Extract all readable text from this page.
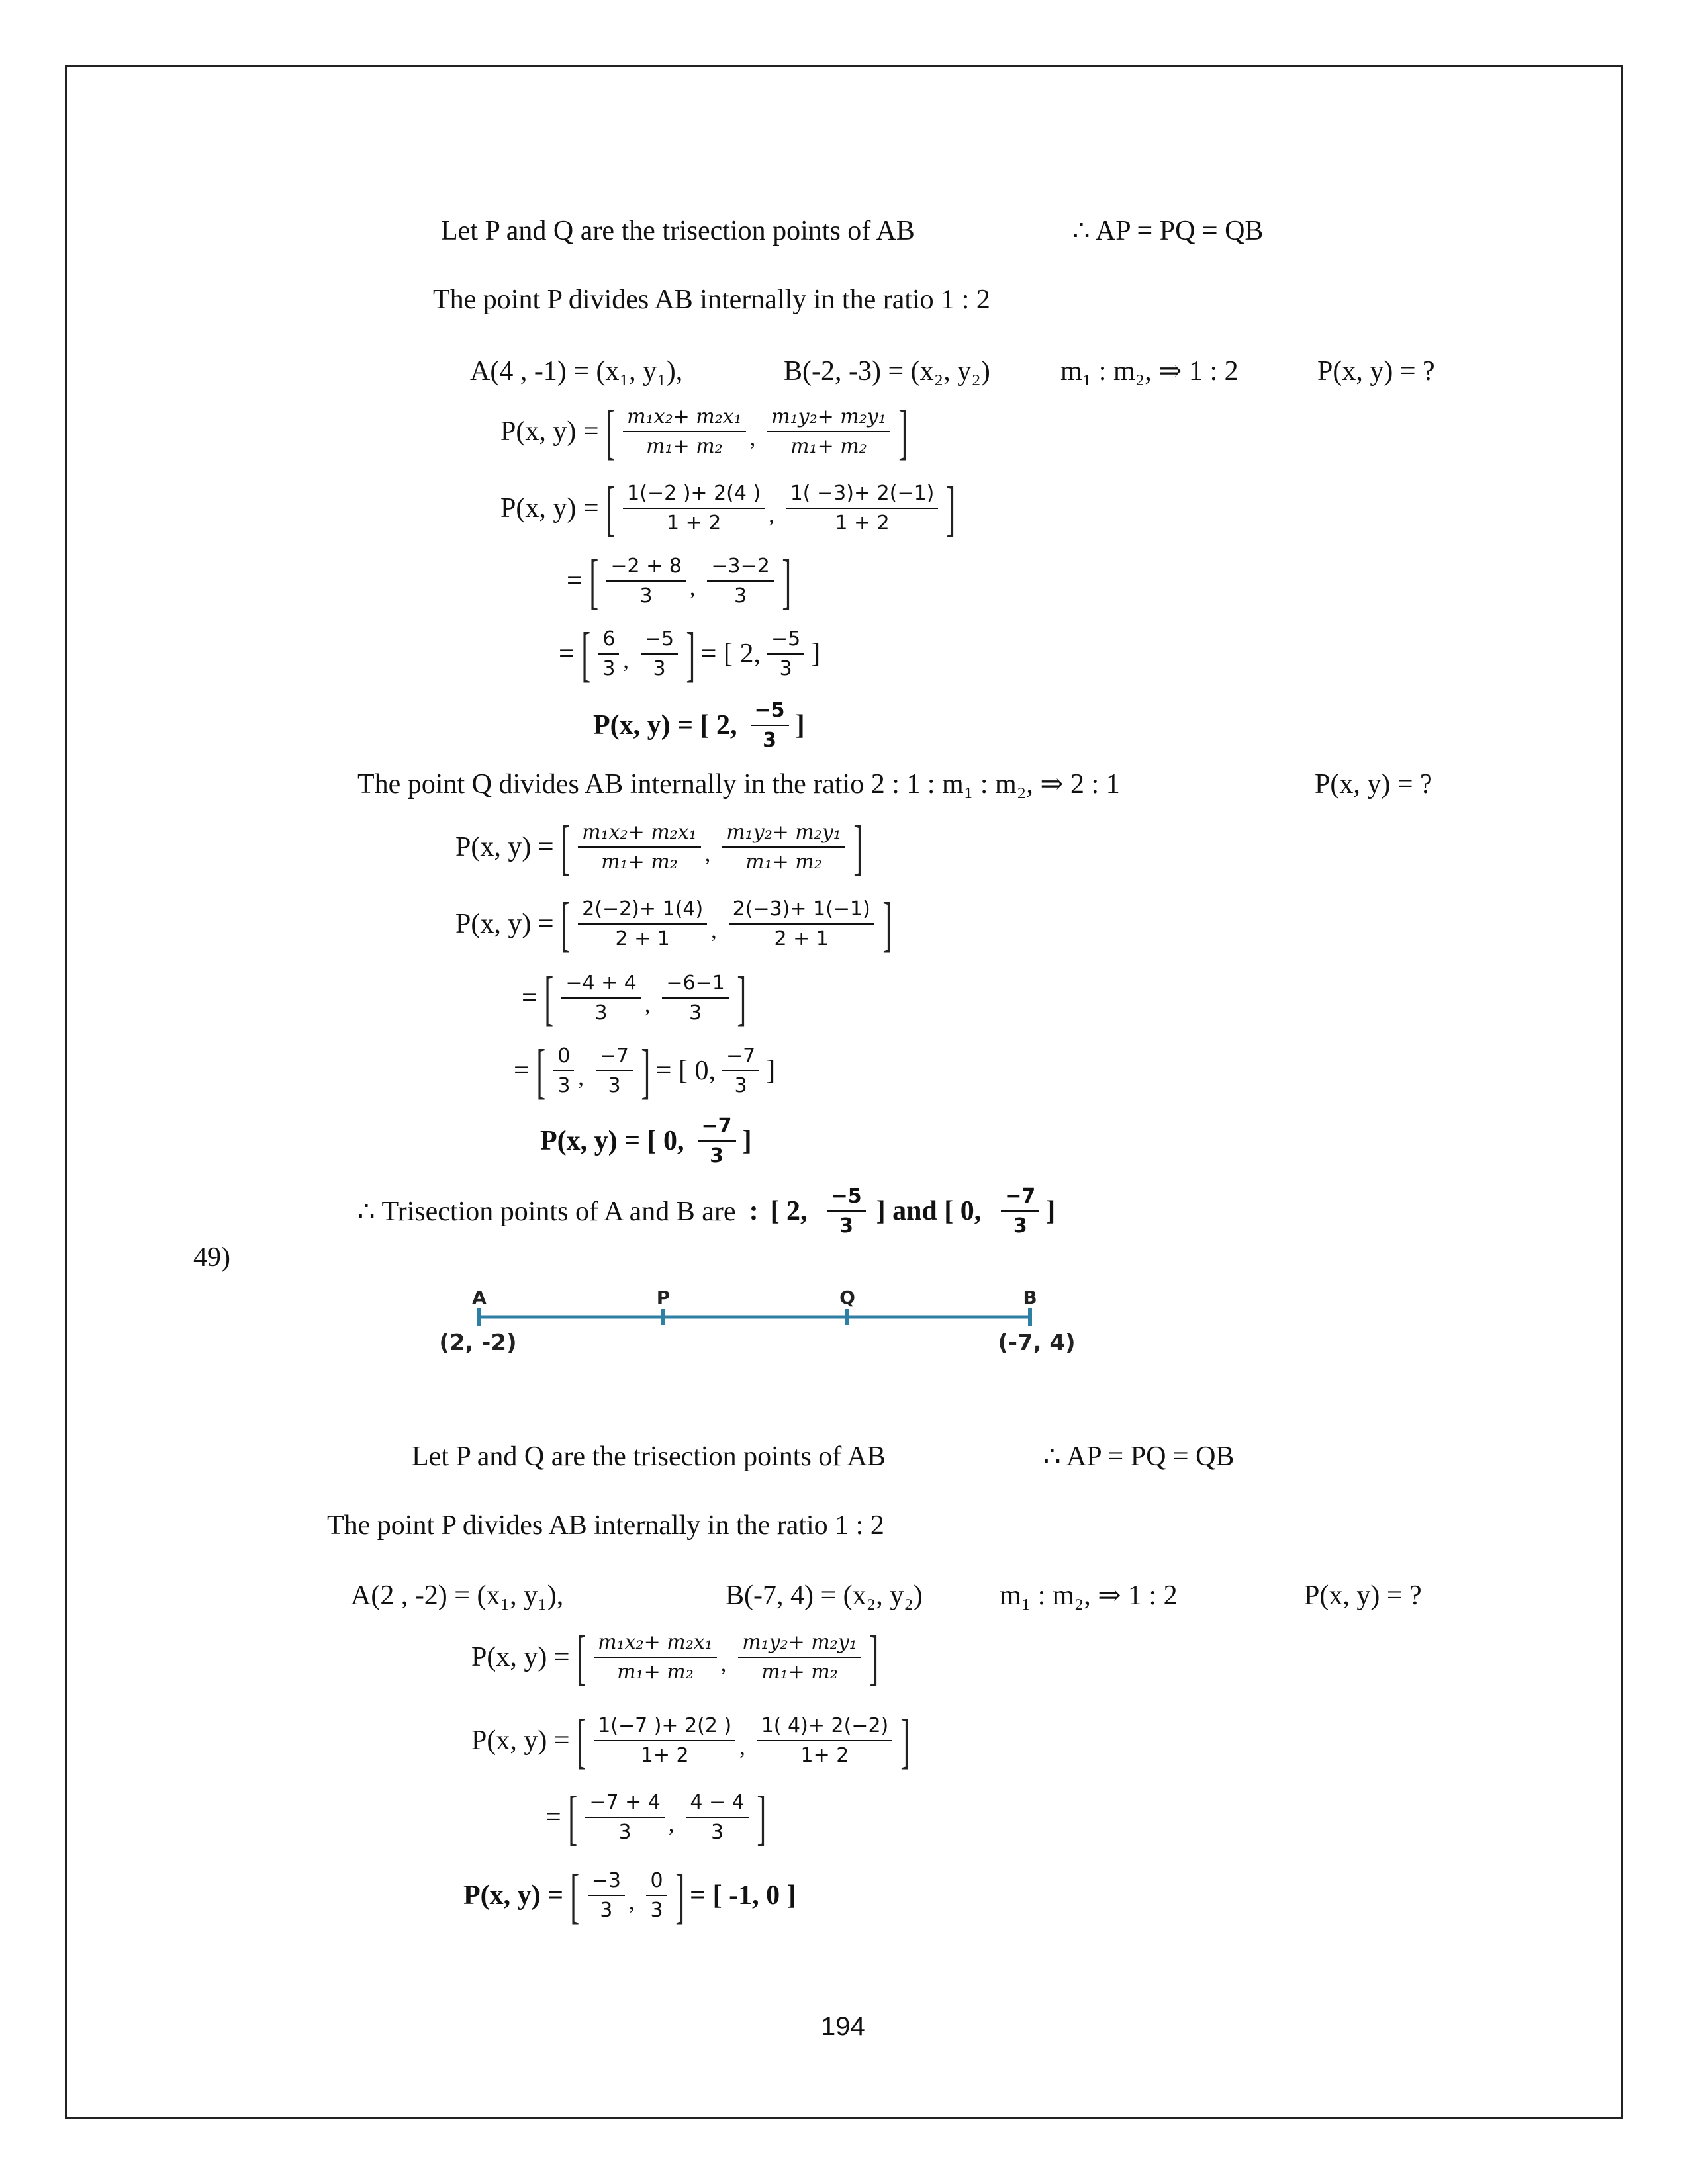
Let P and Q are the trisection points of AB	∴ AP = PQ = QB
The point P divides AB internally in the ratio 1 : 2
A(4 , -1) = (x₁, y₁),	B(-2, -3) = (x₂, y₂)	m₁ : m₂, ⇒ 1 : 2	P(x, y) = ?
P(x, y) = [ $\frac{\text{m₁x₂+ m₂x₁}}{\text{m₁+ m₂}}$ , $\frac{\text{m₁y₂+ m₂y₁}}{\text{m₁+ m₂}}$ ]
P(x, y) = [ $\frac{1(-2 )+ 2(4 )}{1 + 2}$ , $\frac{1( -3)+ 2(-1)}{1 + 2}$ ]
= [ $\frac{-2 + 8}{3}$ , $\frac{-3-2}{3}$ ]
= [ $\frac{6}{3}$ , $\frac{-5}{3}$ ] = [ 2, $\frac{-5}{3}$ ]
P(x, y) = [ 2, $\frac{-5}{3}$ ]
The point Q divides AB internally in the ratio 2 : 1 : m₁ : m₂, ⇒ 2 : 1	P(x, y) = ?
P(x, y) = [ $\frac{\text{m₁x₂+ m₂x₁}}{\text{m₁+ m₂}}$ , $\frac{\text{m₁y₂+ m₂y₁}}{\text{m₁+ m₂}}$ ]
P(x, y) = [ $\frac{2(-2)+ 1(4)}{2 + 1}$ , $\frac{2(-3)+ 1(-1)}{2 + 1}$ ]
= [ $\frac{-4 + 4}{3}$ , $\frac{-6-1}{3}$ ]
= [ $\frac{0}{3}$ , $\frac{-7}{3}$ ] = [ 0, $\frac{-7}{3}$ ]
P(x, y) = [ 0, $\frac{-7}{3}$ ]
∴ Trisection points of A and B are : [ 2, $\frac{-5}{3}$ ] and [ 0, $\frac{-7}{3}$ ]
49)
A	P	Q	B
(2, -2)	(-7, 4)
Let P and Q are the trisection points of AB	∴ AP = PQ = QB
The point P divides AB internally in the ratio 1 : 2
A(2 , -2) = (x₁, y₁),	B(-7, 4) = (x₂, y₂)	m₁ : m₂, ⇒ 1 : 2	P(x, y) = ?
P(x, y) = [ $\frac{\text{m₁x₂+ m₂x₁}}{\text{m₁+ m₂}}$ , $\frac{\text{m₁y₂+ m₂y₁}}{\text{m₁+ m₂}}$ ]
P(x, y) = [ $\frac{1(-7 )+ 2(2 )}{1+ 2}$ , $\frac{1( 4)+ 2(-2)}{1+ 2}$ ]
= [ $\frac{-7 + 4}{3}$ , $\frac{4 - 4}{3}$ ]
P(x, y) = [ $\frac{-3}{3}$ , $\frac{0}{3}$ ] = [ -1, 0 ]
194
